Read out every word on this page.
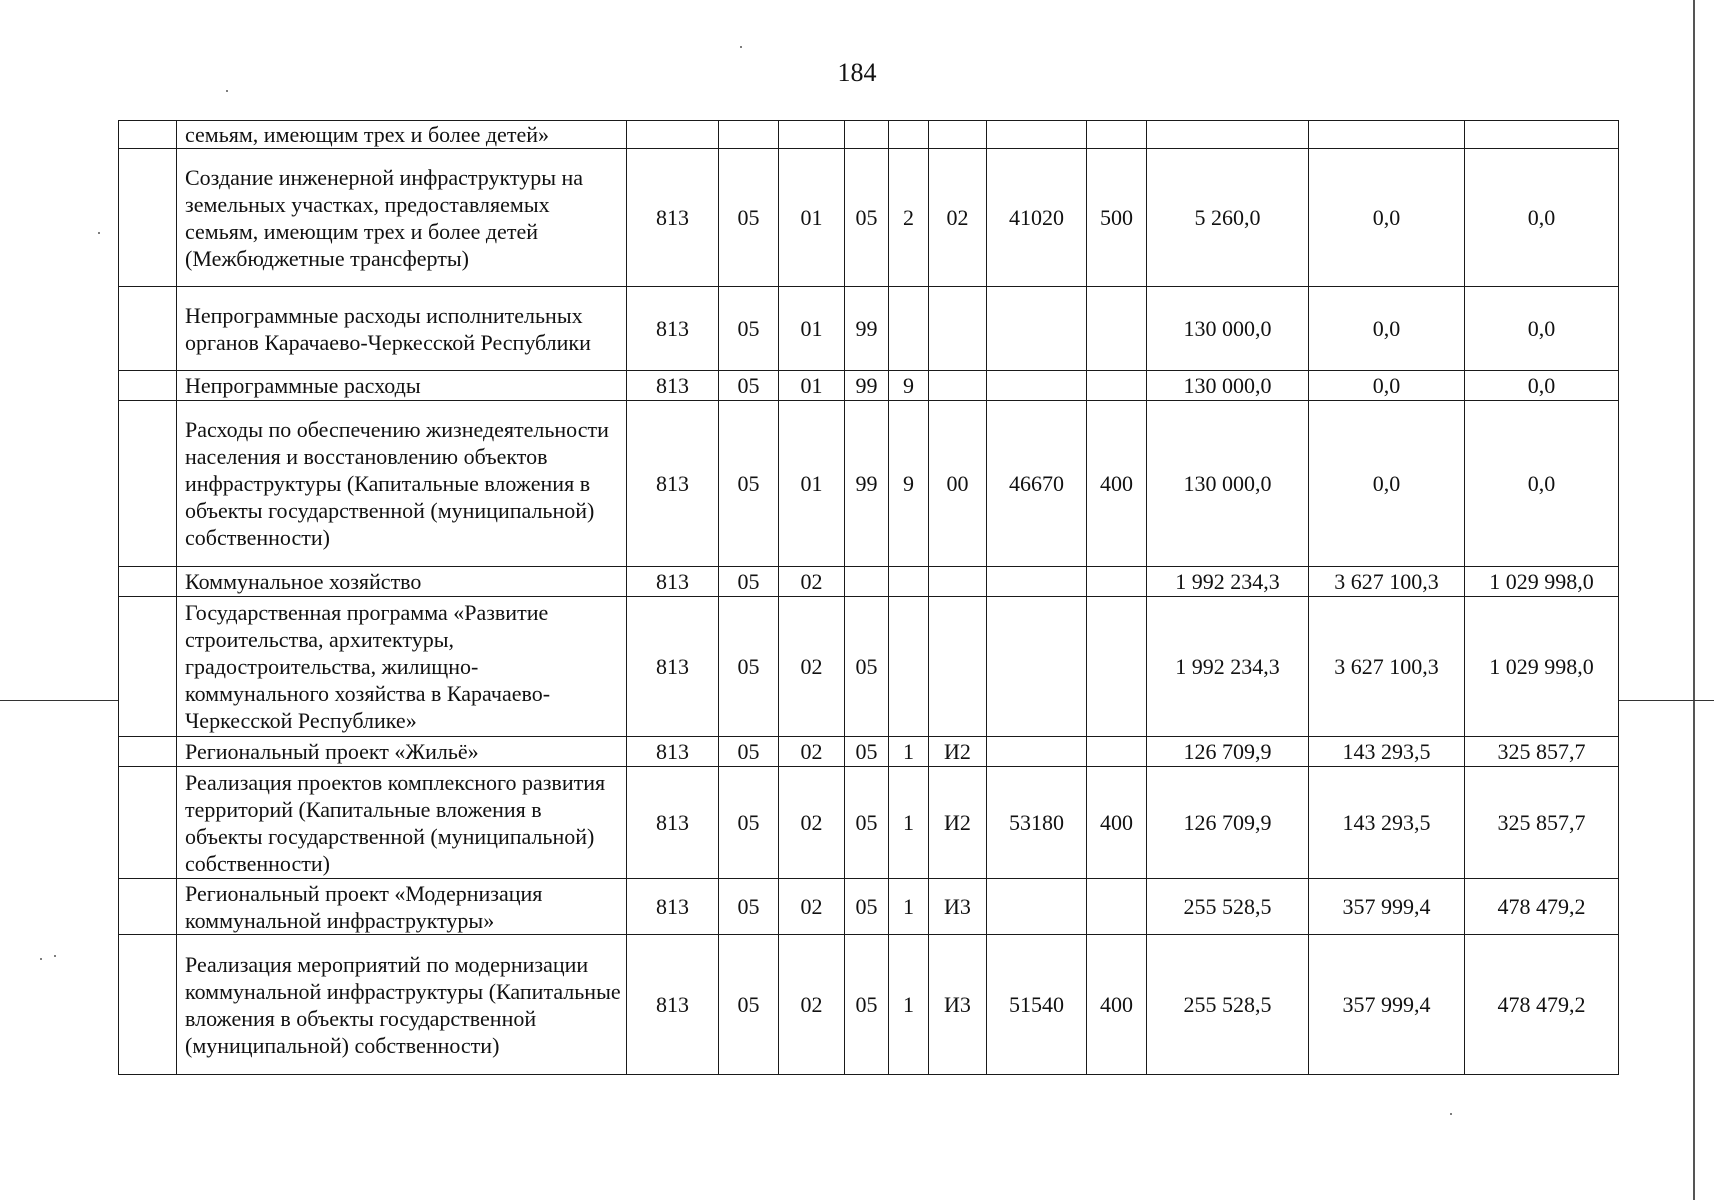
184
	семьям, имеющим трех и более детей»											
	Создание инженерной инфраструктуры на земельных участках, предоставляемых семьям, имеющим трех и более детей (Межбюджетные трансферты)	813	05	01	05	2	02	41020	500	5 260,0	0,0	0,0
	Непрограммные расходы исполнительных органов Карачаево-Черкесской Республики	813	05	01	99					130 000,0	0,0	0,0
	Непрограммные расходы	813	05	01	99	9				130 000,0	0,0	0,0
	Расходы по обеспечению жизнедеятельности населения и восстановлению объектов инфраструктуры (Капитальные вложения в объекты государственной (муниципальной) собственности)	813	05	01	99	9	00	46670	400	130 000,0	0,0	0,0
	Коммунальное хозяйство	813	05	02						1 992 234,3	3 627 100,3	1 029 998,0
	Государственная программа «Развитие строительства, архитектуры, градостроительства, жилищно-коммунального хозяйства в Карачаево-Черкесской Республике»	813	05	02	05					1 992 234,3	3 627 100,3	1 029 998,0
	Региональный проект «Жильё»	813	05	02	05	1	И2			126 709,9	143 293,5	325 857,7
	Реализация проектов комплексного развития территорий (Капитальные вложения в объекты государственной (муниципальной) собственности)	813	05	02	05	1	И2	53180	400	126 709,9	143 293,5	325 857,7
	Региональный проект «Модернизация коммунальной инфраструктуры»	813	05	02	05	1	И3			255 528,5	357 999,4	478 479,2
	Реализация мероприятий по модернизации коммунальной инфраструктуры (Капитальные вложения в объекты государственной (муниципальной) собственности)	813	05	02	05	1	И3	51540	400	255 528,5	357 999,4	478 479,2
